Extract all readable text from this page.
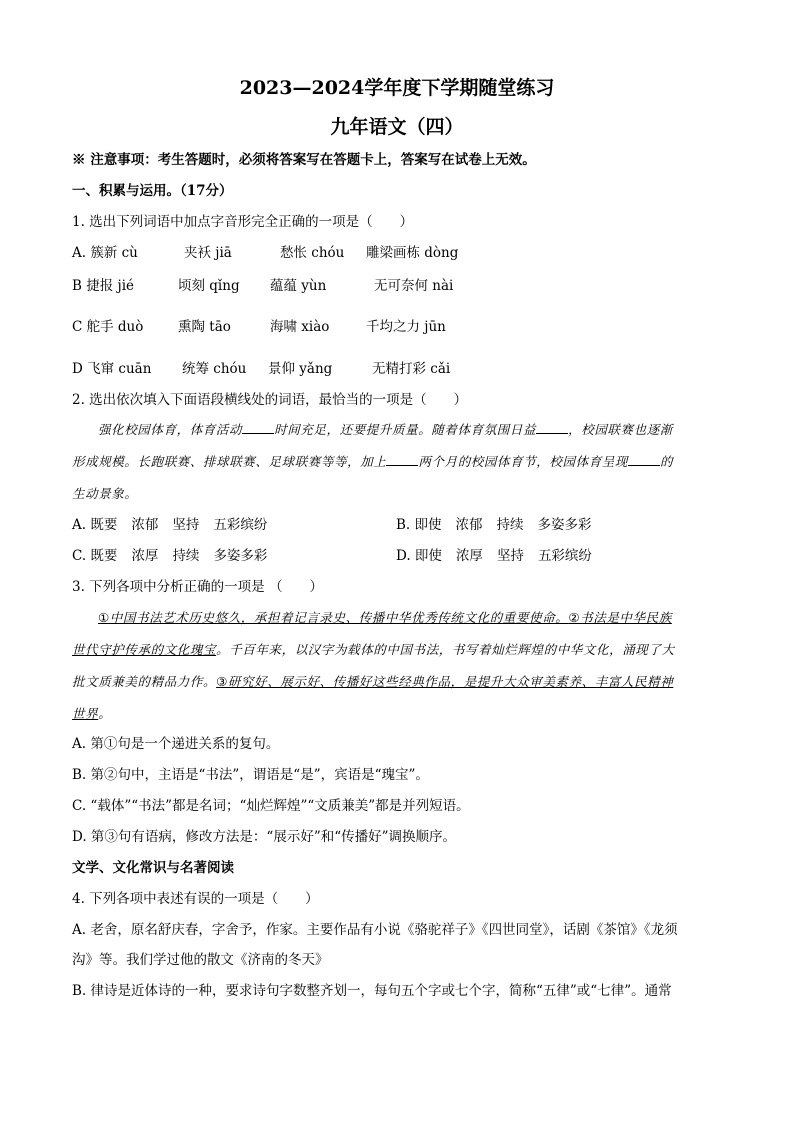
2023—2024学年度下学期随堂练习
九年语文（四）
※ 注意事项：考生答题时，必须将答案写在答题卡上，答案写在试卷上无效。
一、积累与运用。（17分）
1. 选出下列词语中加点字音形完全正确的一项是（　　）
A. 簇新 cù	夹袄 jiā	愁怅 chóu 雕梁画栋 dòng
B 捷报 jié	顷刻 qǐng 蕴蕴 yùn	无可奈何 nài
C 舵手 duò	熏陶 tāo	海啸 xiào	千均之力 jūn
D 飞窜 cuān 统筹 chóu 景仰 yǎng	无精打彩 cǎi
2. 选出依次填入下面语段横线处的词语，最恰当的一项是（　　）

强化校园体育，体育活动	时间充足，还要提升质量。随着体育氛围日益	，校园联赛也逐渐

形成规模。长跑联赛、排球联赛、足球联赛等等，加上	两个月的校园体育节，校园体育呈现	的

生动景象。

A. 既要 浓郁 坚持 五彩缤纷	B. 即使 浓郁 持续 多姿多彩
C. 既要 浓厚 持续 多姿多彩	D. 即使 浓厚 坚持 五彩缤纷
3. 下列各项中分析正确的一项是 （　　）

①中国书法艺术历史悠久，承担着记言录史、传播中华优秀传统文化的重要使命。②书法是中华民族

世代守护传承的文化瑰宝。千百年来，以汉字为载体的中国书法，书写着灿烂辉煌的中华文化，涌现了大

批文质兼美的精品力作。③研究好、展示好、传播好这些经典作品，是提升大众审美素养、丰富人民精神

世界。

A. 第①句是一个递进关系的复句。
B. 第②句中，主语是“书法”，谓语是“是”，宾语是“瑰宝”。
C. “载体”“书法”都是名词；“灿烂辉煌”“文质兼美”都是并列短语。
D. 第③句有语病，修改方法是：“展示好”和“传播好”调换顺序。
文学、文化常识与名著阅读
4. 下列各项中表述有误的一项是（　　）
A. 老舍，原名舒庆春，字舍予，作家。主要作品有小说《骆驼祥子》《四世同堂》，话剧《茶馆》《龙须
沟》等。我们学过他的散文《济南的冬天》
B. 律诗是近体诗的一种，要求诗句字数整齐划一，每句五个字或七个字，简称“五律”或“七律”。通常
